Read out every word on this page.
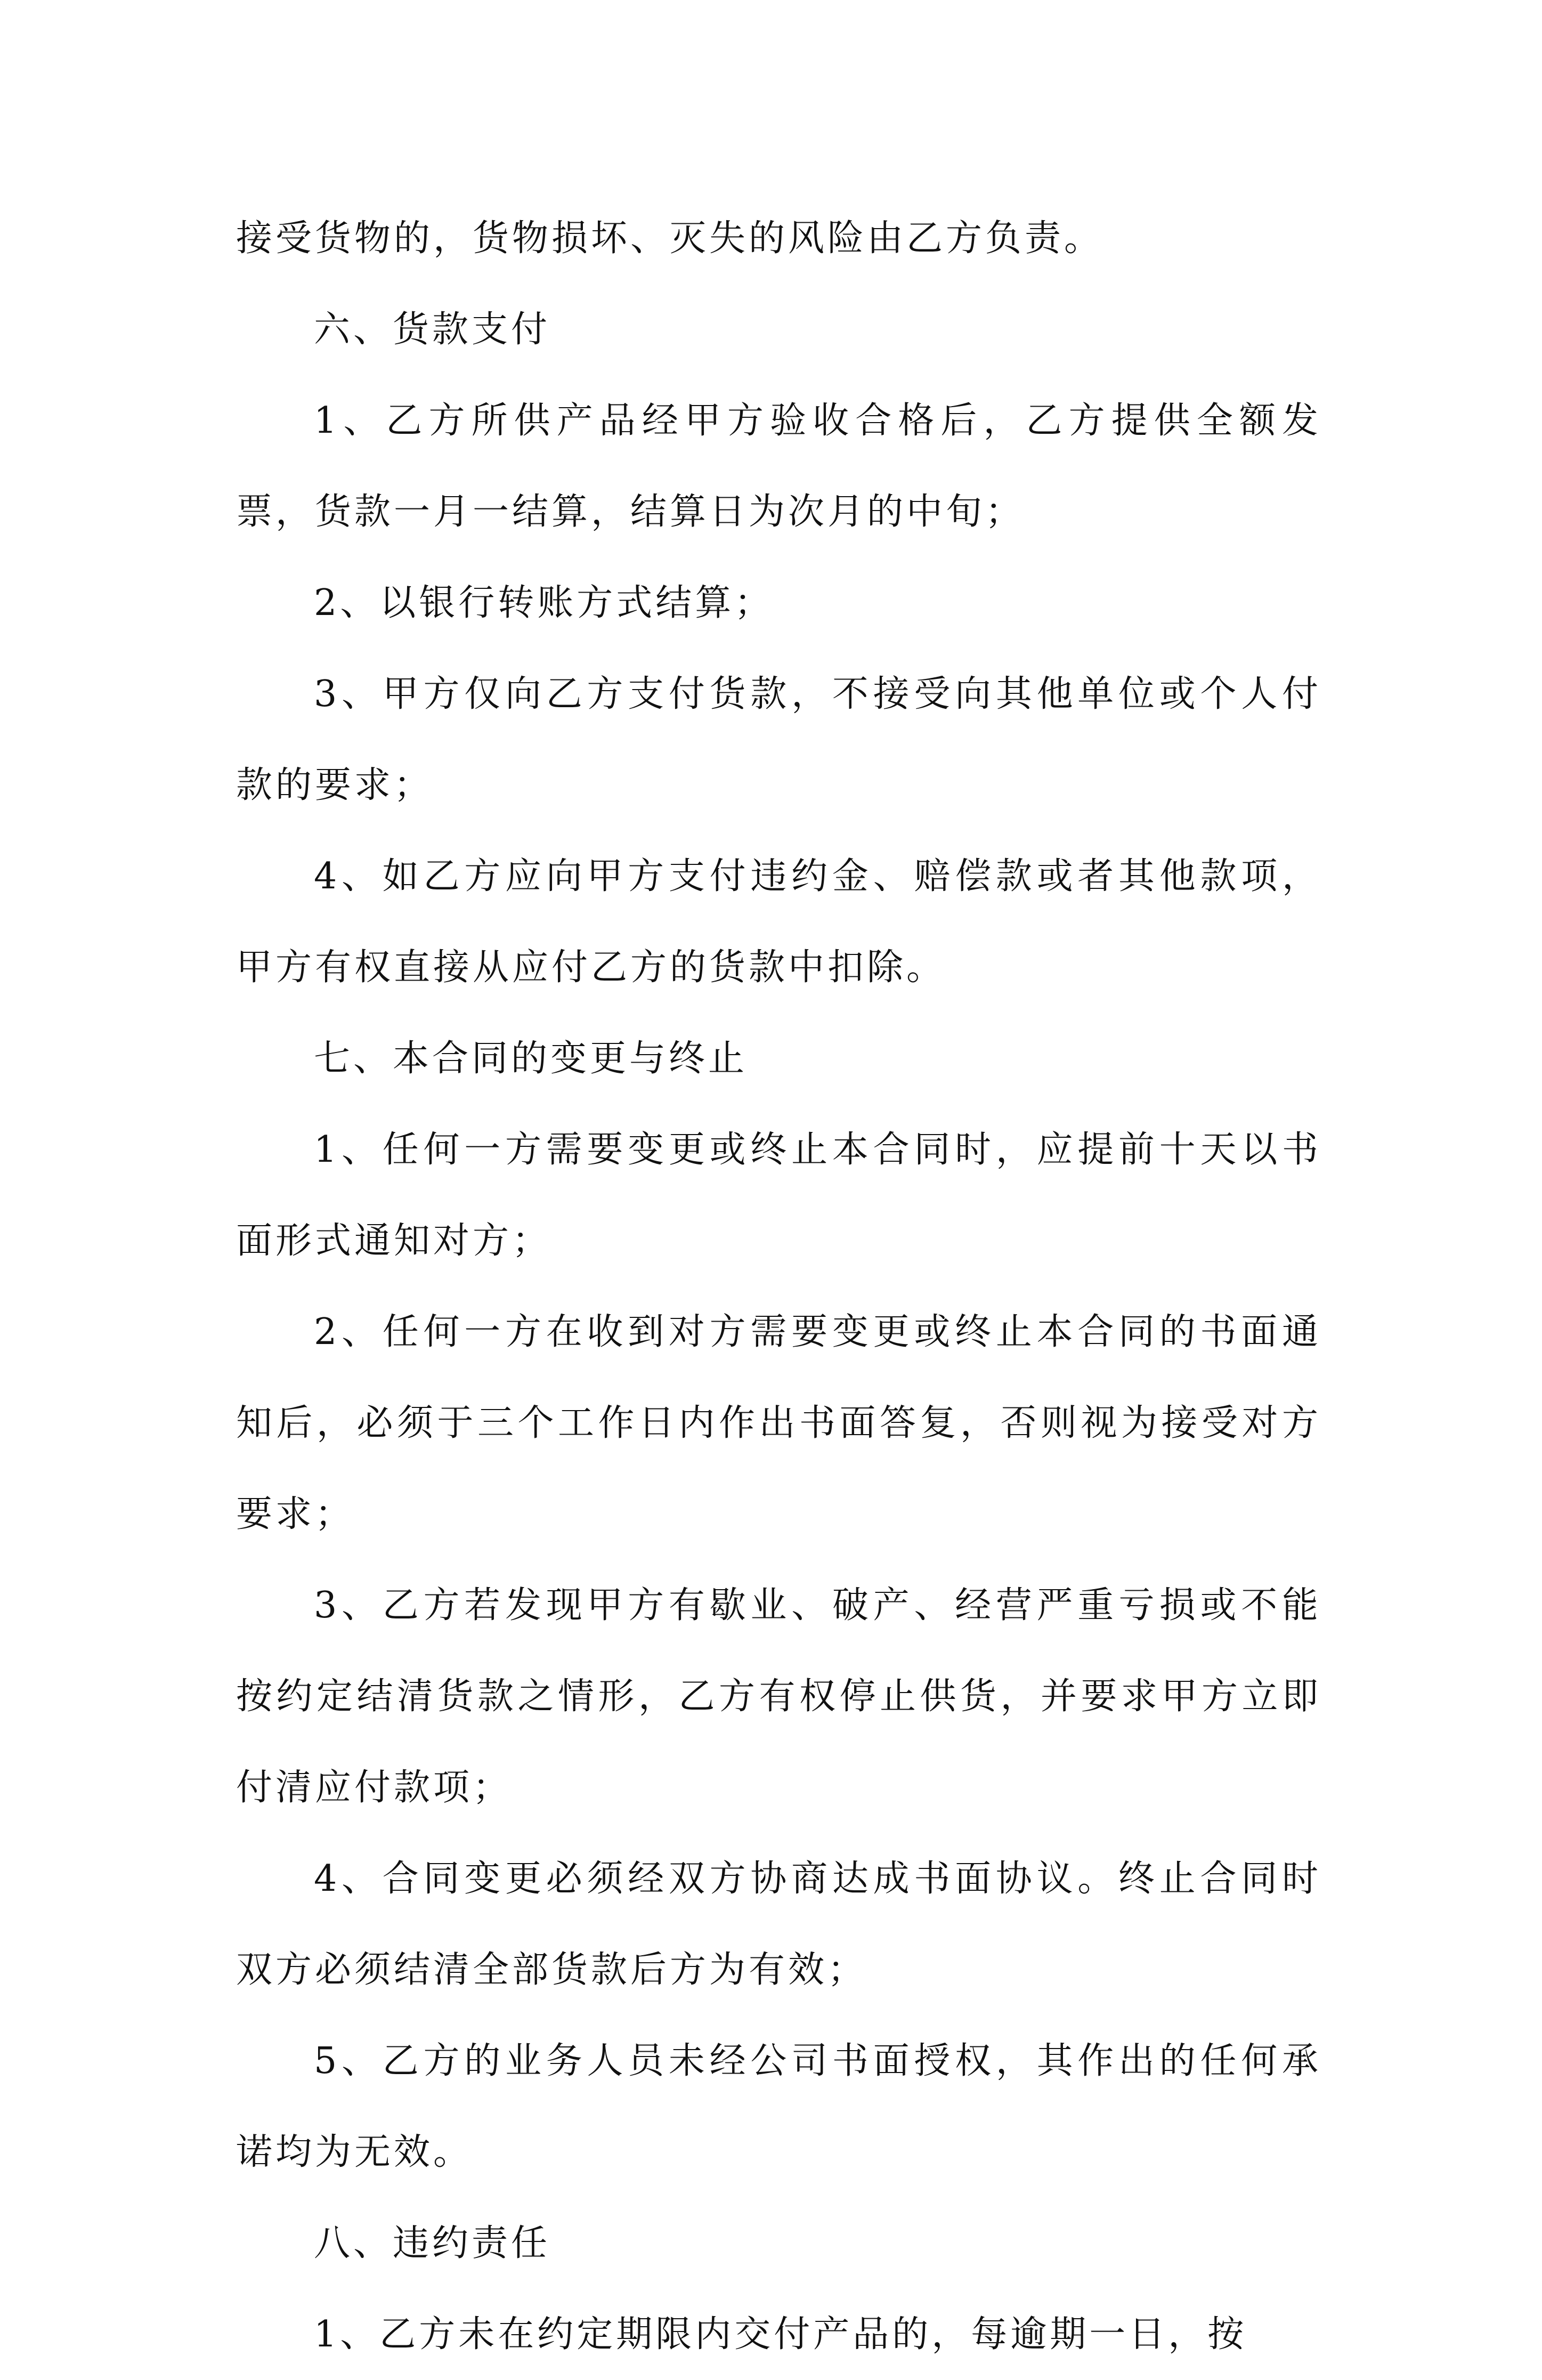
接受货物的，货物损坏、灭失的风险由乙方负责。

六、货款支付

1、乙方所供产品经甲方验收合格后，乙方提供全额发票，货款一月一结算，结算日为次月的中旬；

2、以银行转账方式结算；

3、甲方仅向乙方支付货款，不接受向其他单位或个人付款的要求；

4、如乙方应向甲方支付违约金、赔偿款或者其他款项，甲方有权直接从应付乙方的货款中扣除。

七、本合同的变更与终止

1、任何一方需要变更或终止本合同时，应提前十天以书面形式通知对方；

2、任何一方在收到对方需要变更或终止本合同的书面通知后，必须于三个工作日内作出书面答复，否则视为接受对方要求；

3、乙方若发现甲方有歇业、破产、经营严重亏损或不能按约定结清货款之情形，乙方有权停止供货，并要求甲方立即付清应付款项；

4、合同变更必须经双方协商达成书面协议。终止合同时双方必须结清全部货款后方为有效；

5、乙方的业务人员未经公司书面授权，其作出的任何承诺均为无效。

八、违约责任

1、乙方未在约定期限内交付产品的，每逾期一日，按
